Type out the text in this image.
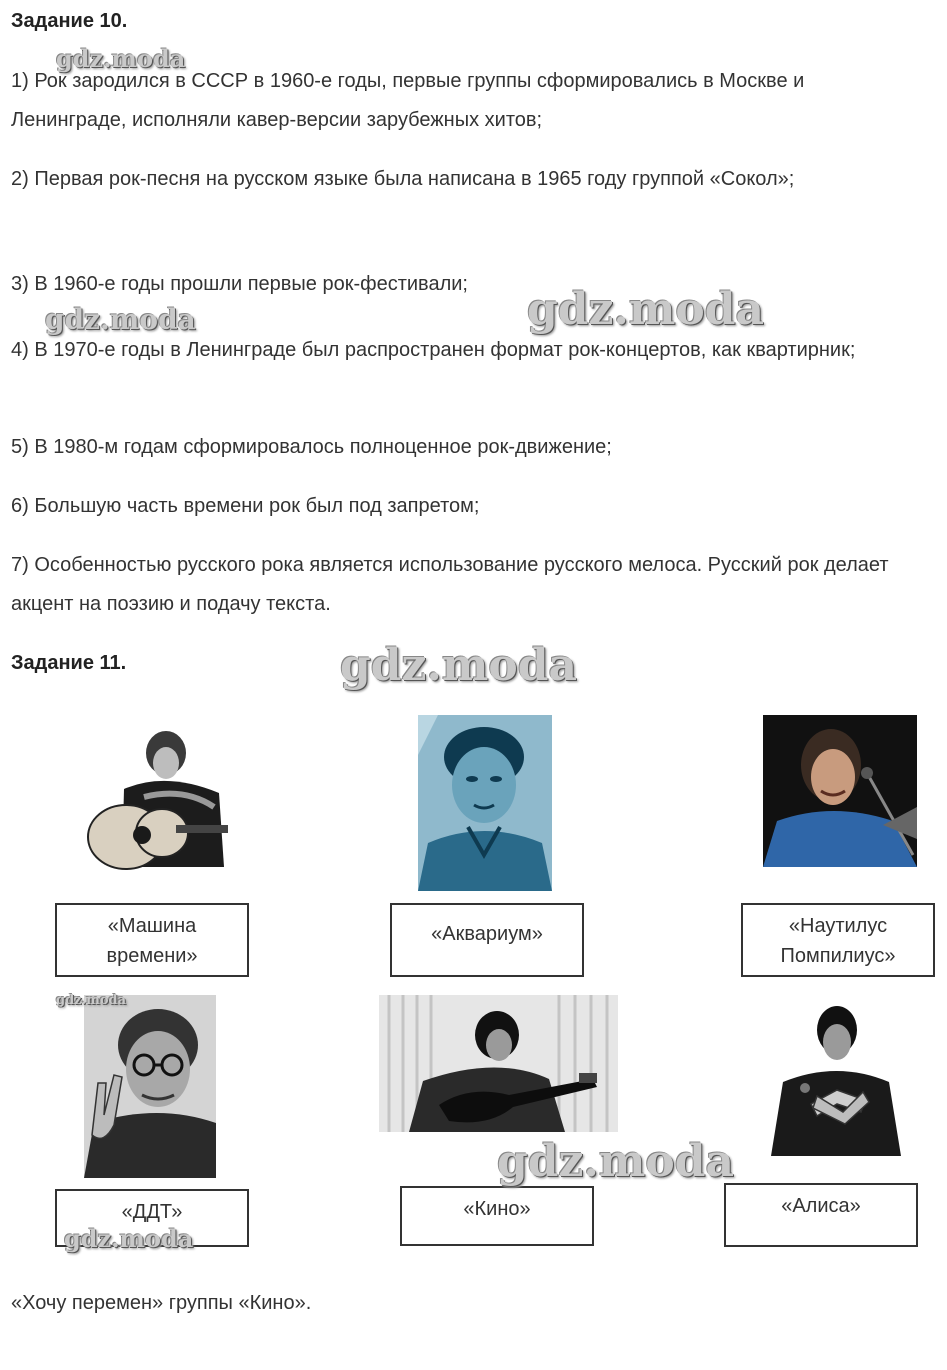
Задание 10.

1) Рок зародился в СССР в 1960-е годы, первые группы сформировались в Москве и Ленинграде, исполняли кавер-версии зарубежных хитов;

2) Первая рок-песня на русском языке была написана в 1965 году группой «Сокол»;

3) В 1960-е годы прошли первые рок-фестивали;

4) В 1970-е годы в Ленинграде был распространен формат рок-концертов, как квартирник;

5) В 1980-м годам сформировалось полноценное рок-движение;

6) Большую часть времени рок был под запретом;

7) Особенностью русского рока является использование русского мелоса. Русский рок делает акцент на поэзию и подачу текста.

Задание 11.
«Машина
времени»
«Аквариум»	«Наутилус
Помпилиус»
«ДДТ»	«Кино»	«Алиса»

«Хочу перемен» группы «Кино».

gdz.moda
gdz.moda	gdz.moda
gdz.moda
gdz.moda
gdz.moda
gdz.moda
